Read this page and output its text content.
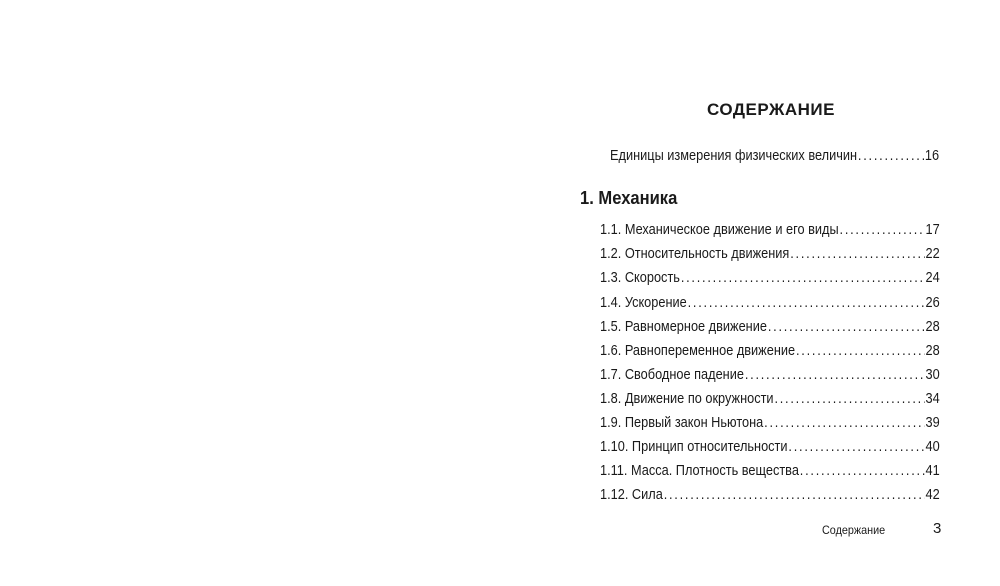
СОДЕРЖАНИЕ
Единицы измерения физических величин .....	16
1. Механика
1.1. Механическое движение и его виды .....	17
1.2. Относительность движения .....	22
1.3. Скорость .....	24
1.4. Ускорение .....	26
1.5. Равномерное движение .....	28
1.6. Равнопеременное движение .....	28
1.7. Свободное падение .....	30
1.8. Движение по окружности .....	34
1.9. Первый закон Ньютона .....	39
1.10. Принцип относительности .....	40
1.11. Масса. Плотность вещества .....	41
1.12. Сила .....	42
Содержание	3
